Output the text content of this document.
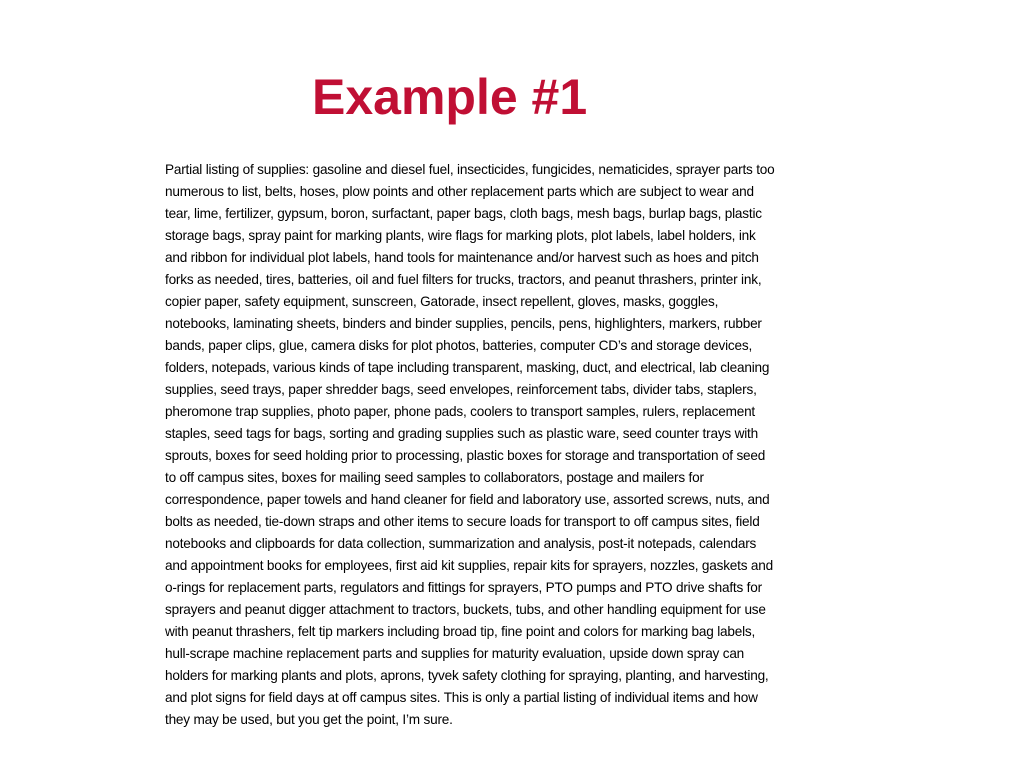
Example #1

Partial listing of supplies: gasoline and diesel fuel, insecticides, fungicides, nematicides, sprayer parts too
numerous to list, belts, hoses, plow points and other replacement parts which are subject to wear and
tear, lime, fertilizer, gypsum, boron, surfactant, paper bags, cloth bags, mesh bags, burlap bags, plastic
storage bags, spray paint for marking plants, wire flags for marking plots, plot labels, label holders, ink
and ribbon for individual plot labels, hand tools for maintenance and/or harvest such as hoes and pitch
forks as needed, tires, batteries, oil and fuel filters for trucks, tractors, and peanut thrashers, printer ink,
copier paper, safety equipment, sunscreen, Gatorade, insect repellent, gloves, masks, goggles,
notebooks, laminating sheets, binders and binder supplies, pencils, pens, highlighters, markers, rubber
bands, paper clips, glue, camera disks for plot photos, batteries, computer CD’s and storage devices,
folders, notepads, various kinds of tape including transparent, masking, duct, and electrical, lab cleaning
supplies, seed trays, paper shredder bags, seed envelopes, reinforcement tabs, divider tabs, staplers,
pheromone trap supplies, photo paper, phone pads, coolers to transport samples, rulers, replacement
staples, seed tags for bags, sorting and grading supplies such as plastic ware, seed counter trays with
sprouts, boxes for seed holding prior to processing, plastic boxes for storage and transportation of seed
to off campus sites, boxes for mailing seed samples to collaborators, postage and mailers for
correspondence, paper towels and hand cleaner for field and laboratory use, assorted screws, nuts, and
bolts as needed, tie-down straps and other items to secure loads for transport to off campus sites, field
notebooks and clipboards for data collection, summarization and analysis, post-it notepads, calendars
and appointment books for employees, first aid kit supplies, repair kits for sprayers, nozzles, gaskets and
o-rings for replacement parts, regulators and fittings for sprayers, PTO pumps and PTO drive shafts for
sprayers and peanut digger attachment to tractors, buckets, tubs, and other handling equipment for use
with peanut thrashers, felt tip markers including broad tip, fine point and colors for marking bag labels,
hull-scrape machine replacement parts and supplies for maturity evaluation, upside down spray can
holders for marking plants and plots, aprons, tyvek safety clothing for spraying, planting, and harvesting,
and plot signs for field days at off campus sites. This is only a partial listing of individual items and how
they may be used, but you get the point, I’m sure.
